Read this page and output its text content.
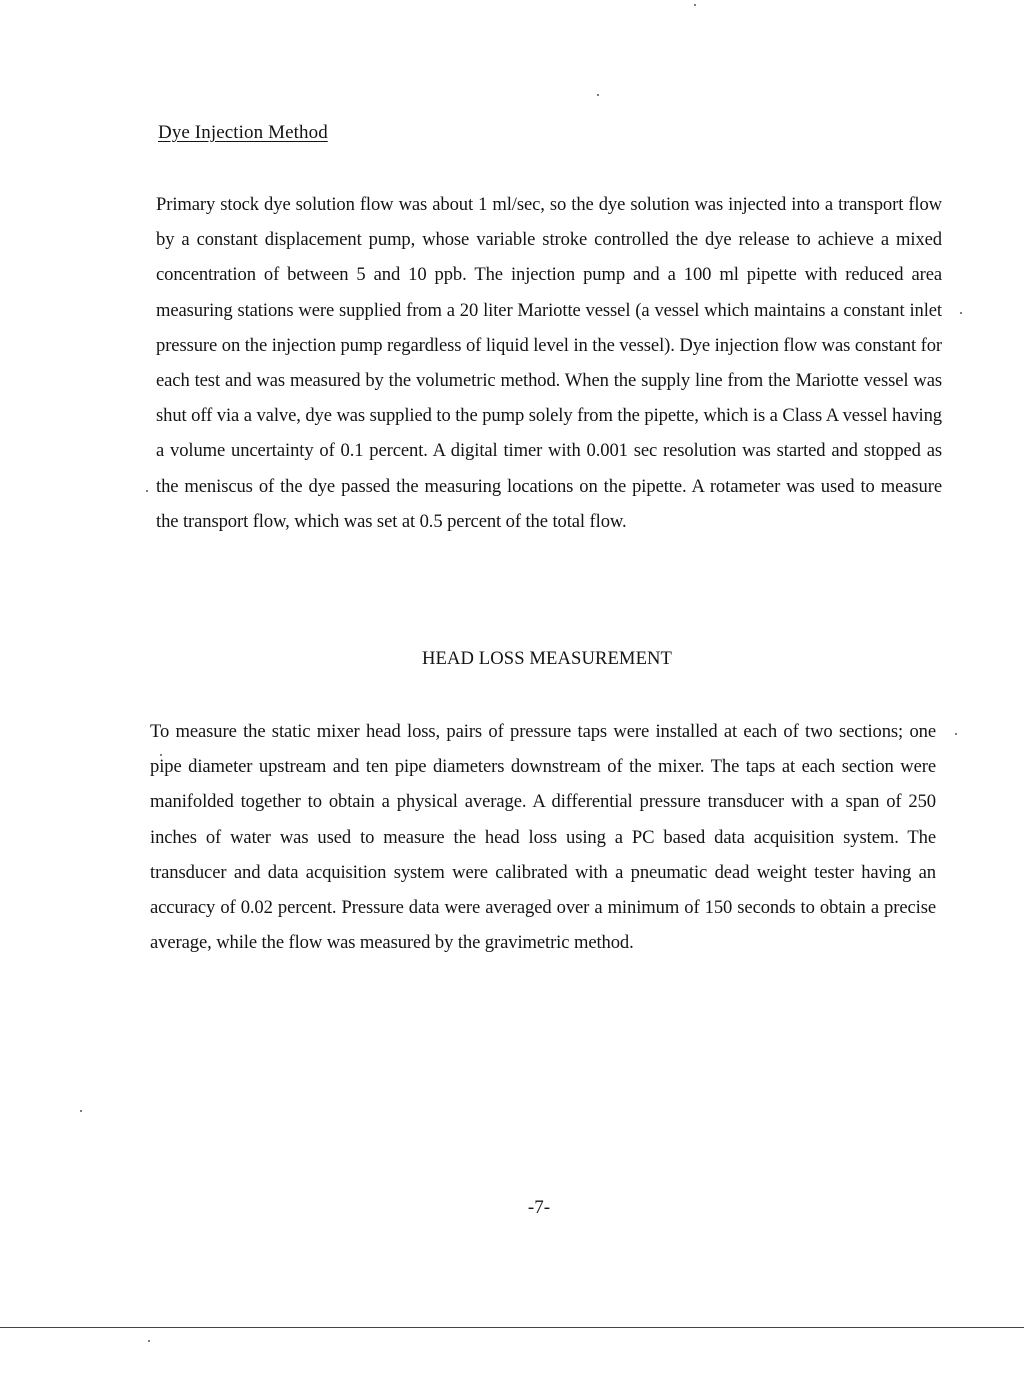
Dye Injection Method

Primary stock dye solution flow was about 1 ml/sec, so the dye solution was injected into a transport flow by a constant displacement pump, whose variable stroke controlled the dye release to achieve a mixed concentration of between 5 and 10 ppb. The injection pump and a 100 ml pipette with reduced area measuring stations were supplied from a 20 liter Mariotte vessel (a vessel which maintains a constant inlet pressure on the injection pump regardless of liquid level in the vessel). Dye injection flow was constant for each test and was measured by the volumetric method. When the supply line from the Mariotte vessel was shut off via a valve, dye was supplied to the pump solely from the pipette, which is a Class A vessel having a volume uncertainty of 0.1 percent. A digital timer with 0.001 sec resolution was started and stopped as the meniscus of the dye passed the measuring locations on the pipette. A rotameter was used to measure the transport flow, which was set at 0.5 percent of the total flow.

HEAD LOSS MEASUREMENT

To measure the static mixer head loss, pairs of pressure taps were installed at each of two sections; one pipe diameter upstream and ten pipe diameters downstream of the mixer. The taps at each section were manifolded together to obtain a physical average. A differential pressure transducer with a span of 250 inches of water was used to measure the head loss using a PC based data acquisition system. The transducer and data acquisition system were calibrated with a pneumatic dead weight tester having an accuracy of 0.02 percent. Pressure data were averaged over a minimum of 150 seconds to obtain a precise average, while the flow was measured by the gravimetric method.

-7-
